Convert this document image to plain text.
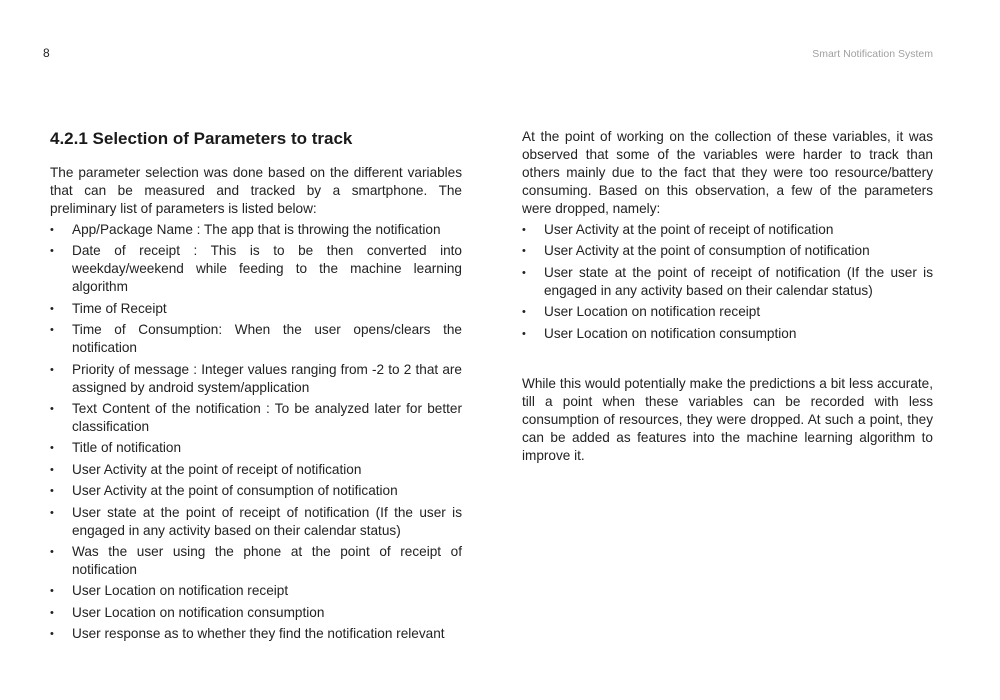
8	Smart Notification System
4.2.1 Selection of Parameters to track

The parameter selection was done based on the different variables that can be measured and tracked by a smartphone. The preliminary list of parameters is listed below:

• App/Package Name : The app that is throwing the notification
• Date of receipt : This is to be then converted into weekday/weekend while feeding to the machine learning algorithm
• Time of Receipt
• Time of Consumption: When the user opens/clears the notification
• Priority of message : Integer values ranging from -2 to 2 that are assigned by android system/application
• Text Content of the notification : To be analyzed later for better classification
• Title of notification
• User Activity at the point of receipt of notification
• User Activity at the point of consumption of notification
• User state at the point of receipt of notification (If the user is engaged in any activity based on their calendar status)
• Was the user using the phone at the point of receipt of notification
• User Location on notification receipt
• User Location on notification consumption
• User response as to whether they find the notification relevant

At the point of working on the collection of these variables, it was observed that some of the variables were harder to track than others mainly due to the fact that they were too resource/battery consuming. Based on this observation, a few of the parameters were dropped, namely:

• User Activity at the point of receipt of notification
• User Activity at the point of consumption of notification
• User state at the point of receipt of notification (If the user is engaged in any activity based on their calendar status)
• User Location on notification receipt
• User Location on notification consumption

While this would potentially make the predictions a bit less accurate, till a point when these variables can be recorded with less consumption of resources, they were dropped. At such a point, they can be added as features into the machine learning algorithm to improve it.
